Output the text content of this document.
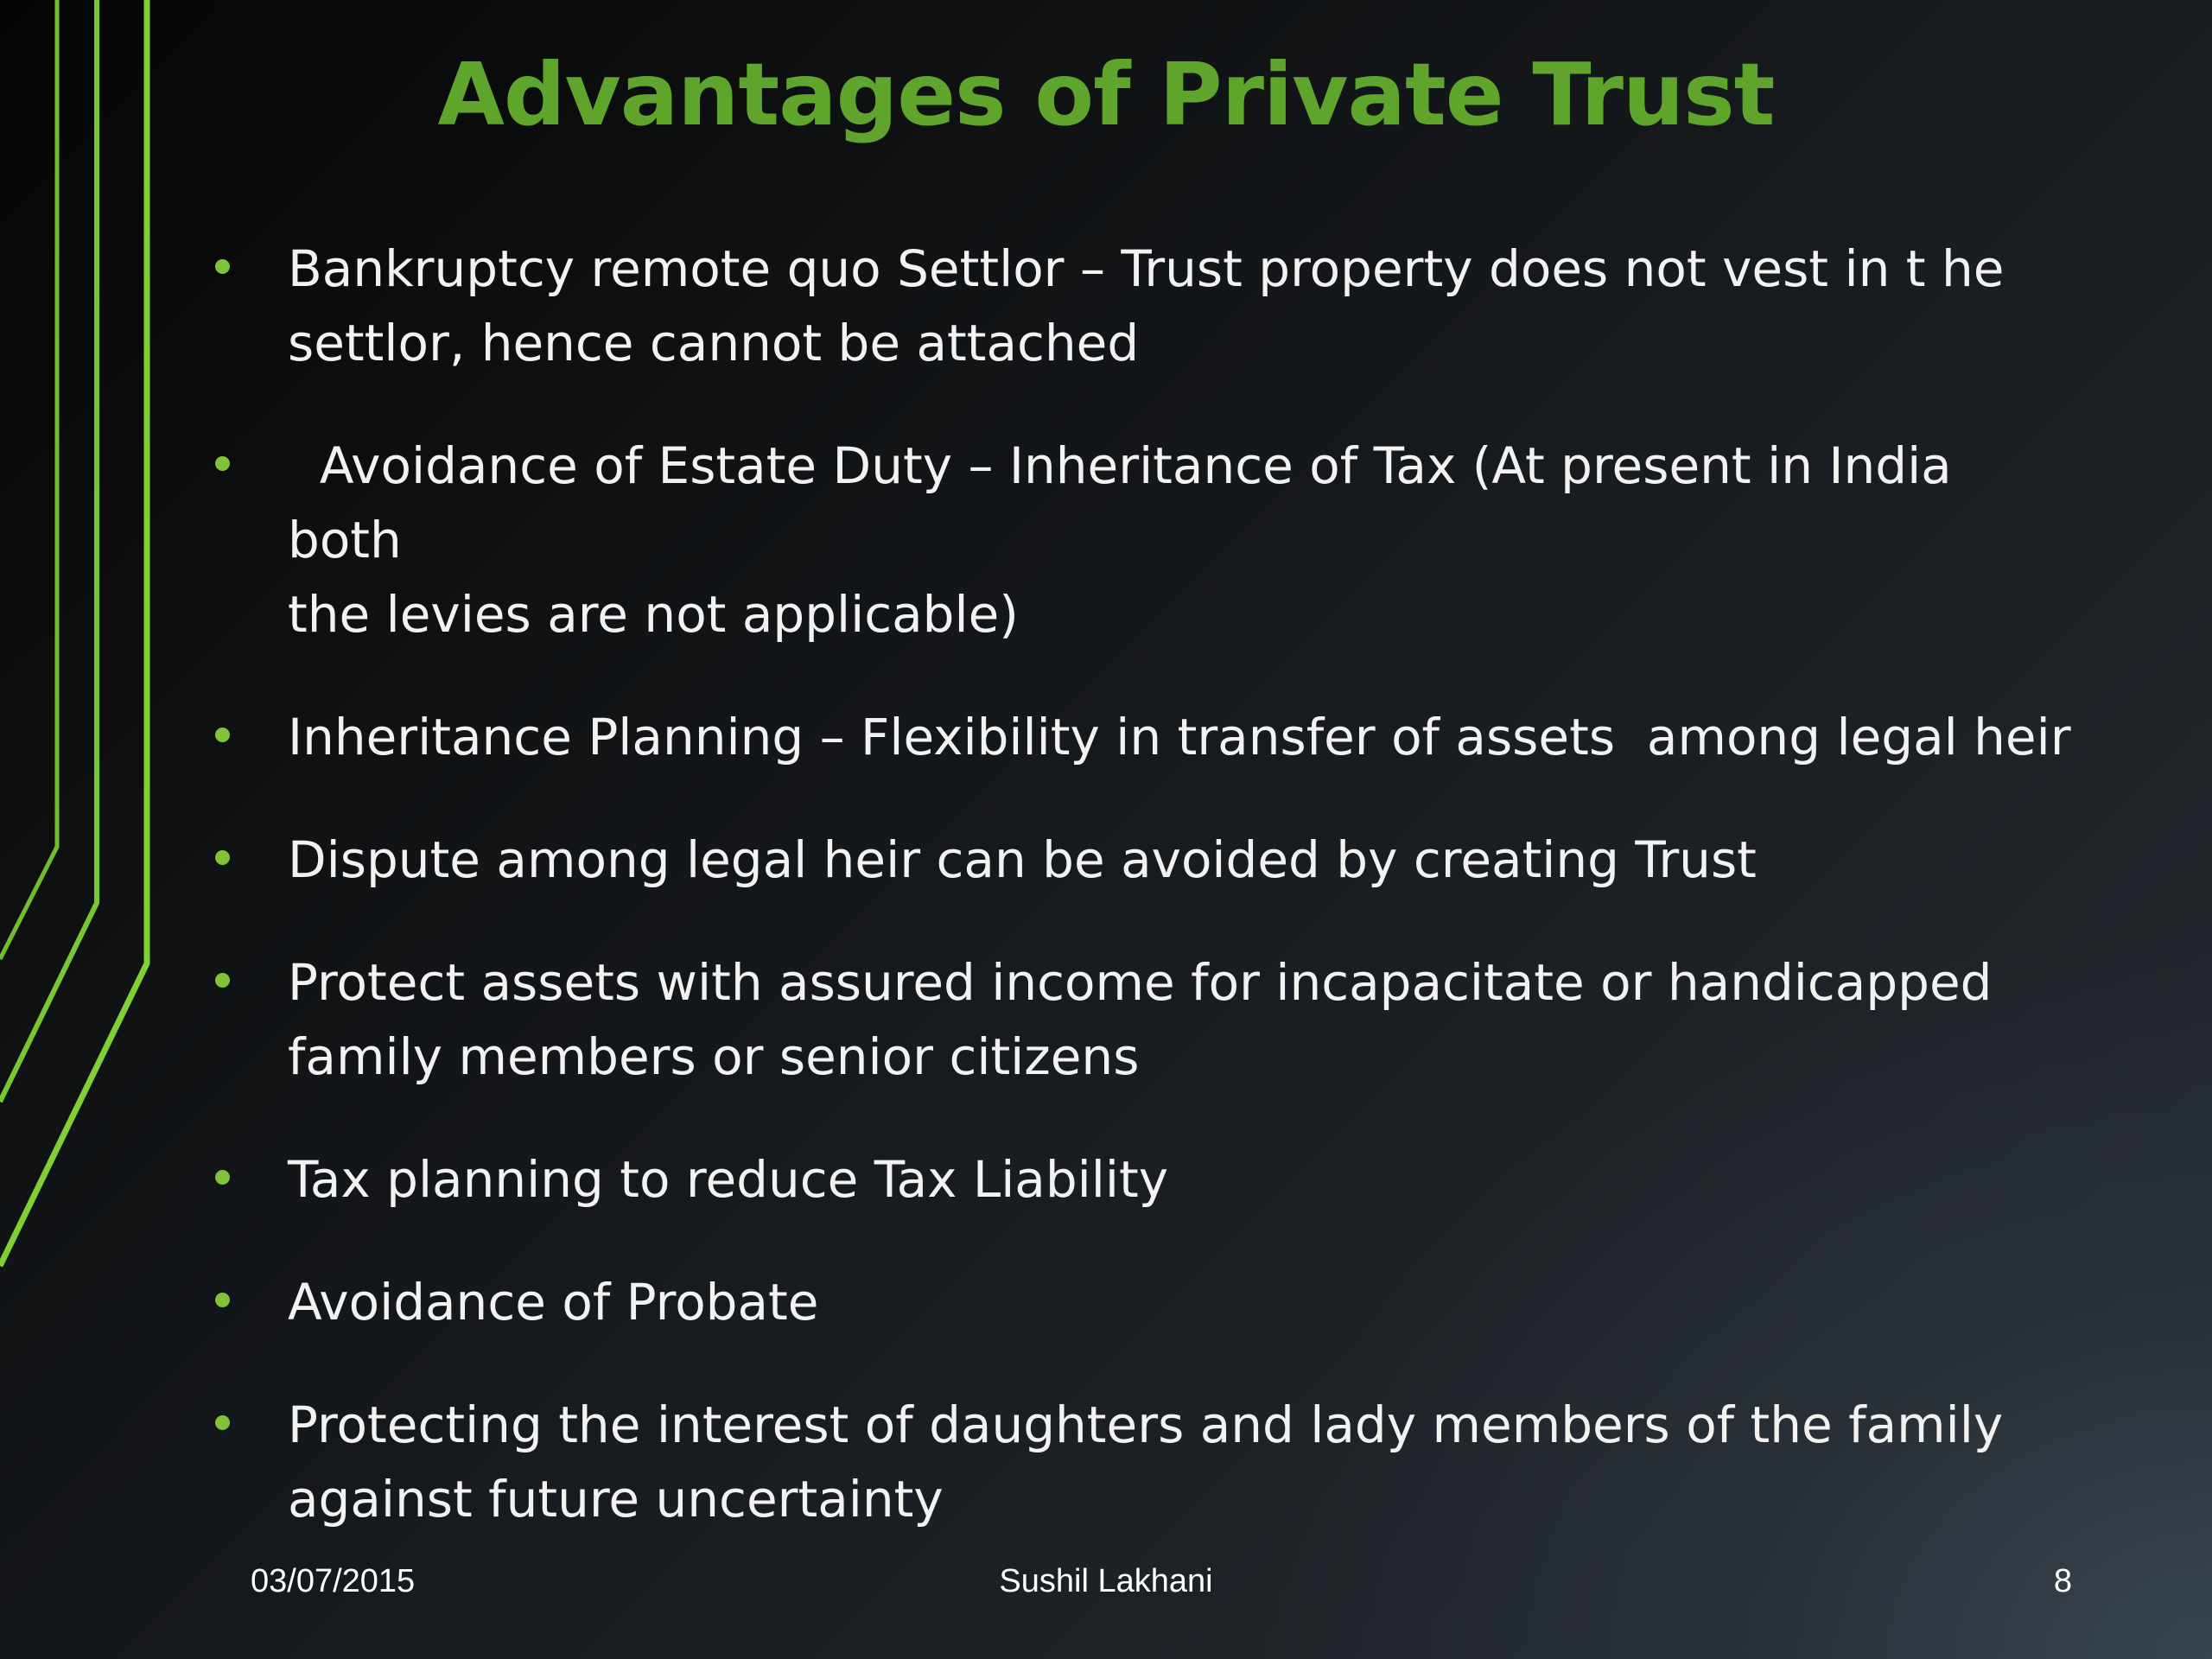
Advantages of Private Trust
Bankruptcy remote quo Settlor – Trust property does not vest in t he
settlor, hence cannot be attached
Avoidance of Estate Duty – Inheritance of Tax (At present in India both
the levies are not applicable)
Inheritance Planning – Flexibility in transfer of assets  among legal heir
Dispute among legal heir can be avoided by creating Trust
Protect assets with assured income for incapacitate or handicapped
family members or senior citizens
Tax planning to reduce Tax Liability
Avoidance of Probate
Protecting the interest of daughters and lady members of the family
against future uncertainty
03/07/2015	Sushil Lakhani	8
